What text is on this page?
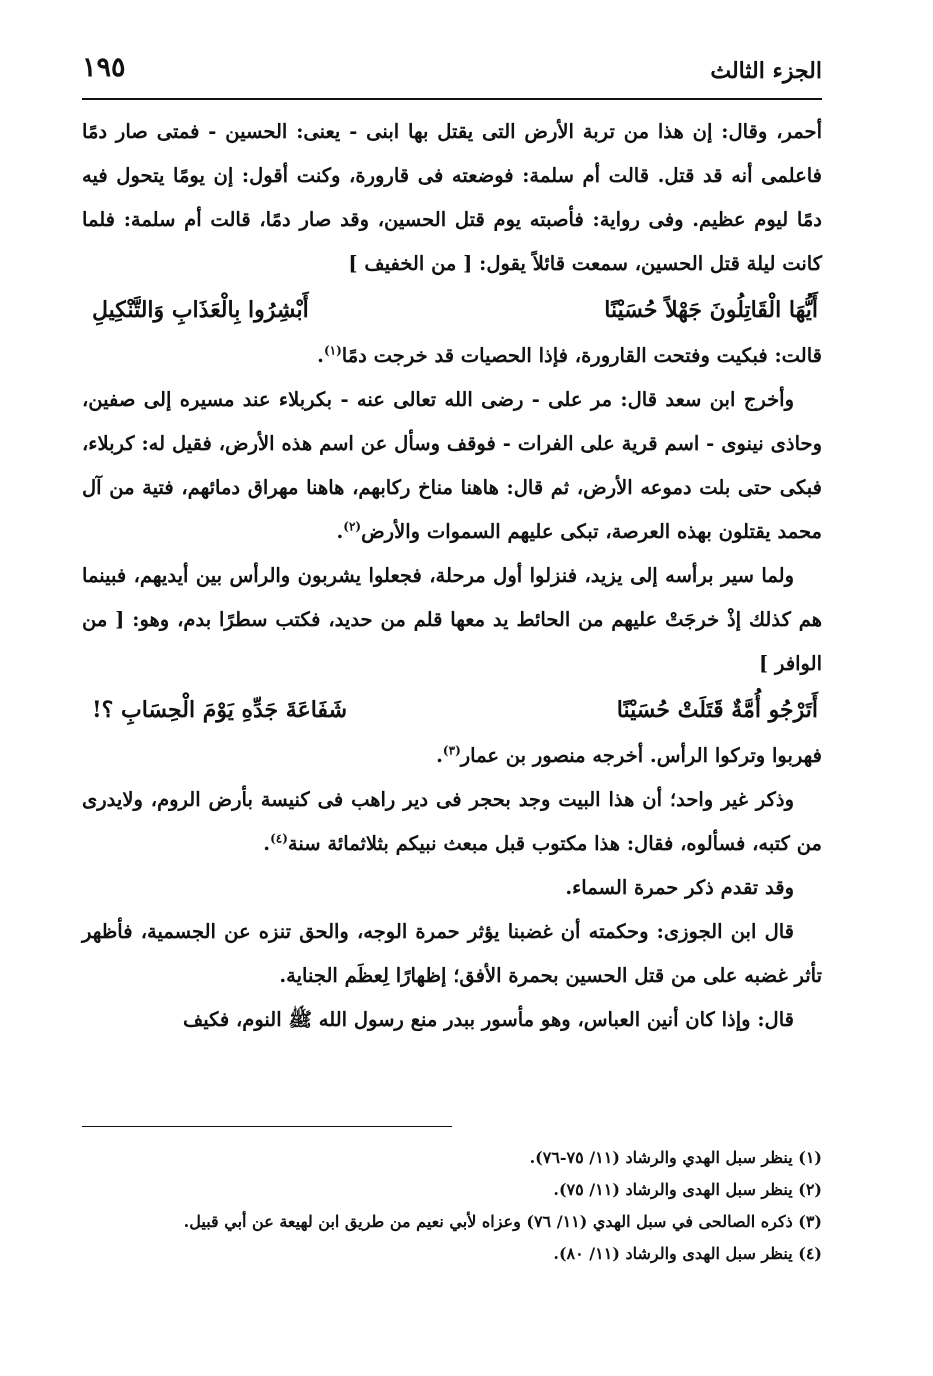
الجزء الثالث
١٩٥

أحمر، وقال: إن هذا من تربة الأرض التى يقتل بها ابنى - يعنى: الحسين - فمتى صار دمًا فاعلمى أنه قد قتل. قالت أم سلمة: فوضعته فى قارورة، وكنت أقول: إن يومًا يتحول فيه دمًا ليوم عظيم. وفى رواية: فأصبته يوم قتل الحسين، وقد صار دمًا، قالت أم سلمة: فلما كانت ليلة قتل الحسين، سمعت قائلاً يقول: [ من الخفيف ]

أَيُّهَا الْقَاتِلُونَ جَهْلاً حُسَيْنًا
أَبْشِرُوا بِالْعَذَابِ وَالتَّنْكِيلِ

قالت: فبكيت وفتحت القارورة، فإذا الحصيات قد خرجت دمًا$^{(١)}$.

وأخرج ابن سعد قال: مر على - رضى الله تعالى عنه - بكربلاء عند مسيره إلى صفين، وحاذى نينوى - اسم قرية على الفرات - فوقف وسأل عن اسم هذه الأرض، فقيل له: كربلاء، فبكى حتى بلت دموعه الأرض، ثم قال: هاهنا مناخ ركابهم، هاهنا مهراق دمائهم، فتية من آل محمد يقتلون بهذه العرصة، تبكى عليهم السموات والأرض$^{(٢)}$.

ولما سير برأسه إلى يزيد، فنزلوا أول مرحلة، فجعلوا يشربون والرأس بين أيديهم، فبينما هم كذلك إذْ خرجَتْ عليهم من الحائط يد معها قلم من حديد، فكتب سطرًا بدم، وهو: [ من الوافر ]

أَتَرْجُو أُمَّةٌ قَتَلَتْ حُسَيْنًا
شَفَاعَةَ جَدِّهِ يَوْمَ الْحِسَابِ ؟!

فهربوا وتركوا الرأس. أخرجه منصور بن عمار$^{(٣)}$.

وذكر غير واحد؛ أن هذا البيت وجد بحجر فى دير راهب فى كنيسة بأرض الروم، ولايدرى من كتبه، فسألوه، فقال: هذا مكتوب قبل مبعث نبيكم بثلاثمائة سنة$^{(٤)}$.

وقد تقدم ذكر حمرة السماء.

قال ابن الجوزى: وحكمته أن غضبنا يؤثر حمرة الوجه، والحق تنزه عن الجسمية، فأظهر تأثر غضبه على من قتل الحسين بحمرة الأفق؛ إظهارًا لِعظَم الجناية.

قال: وإذا كان أنين العباس، وهو مأسور ببدر منع رسول الله ﷺ النوم، فكيف

(١) ينظر سبل الهدي والرشاد (١١/ ٧٥-٧٦).
(٢) ينظر سبل الهدى والرشاد (١١/ ٧٥).
(٣) ذكره الصالحى في سبل الهدي (١١/ ٧٦) وعزاه لأبي نعيم من طريق ابن لهيعة عن أبي قبيل.
(٤) ينظر سبل الهدى والرشاد (١١/ ٨٠).
